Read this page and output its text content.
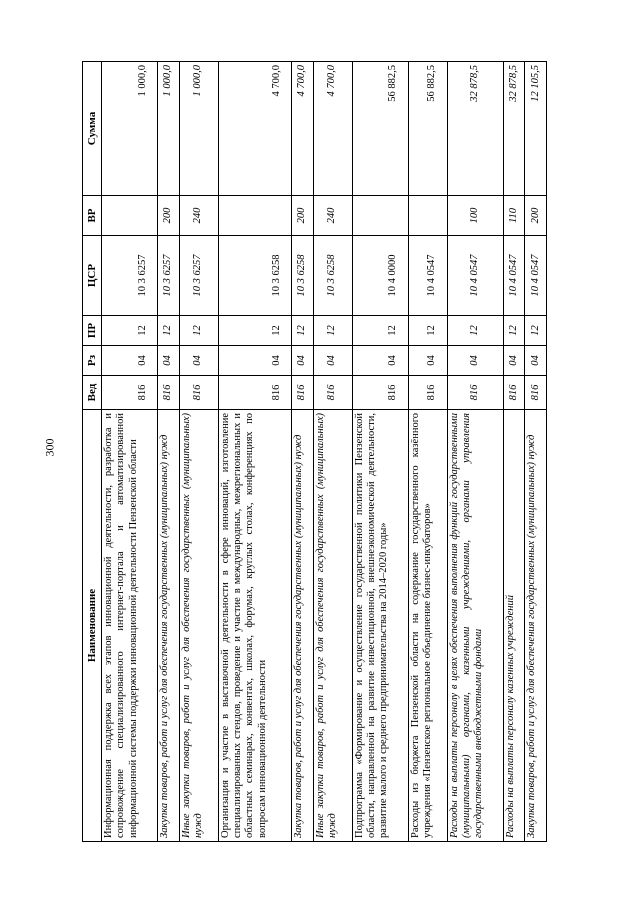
300
Наименование	Вед	Рз	ПР	ЦСР	ВР	Сумма
Информационная поддержка всех этапов инновационной деятельности, разработка и сопровождение специализированного интернет-портала и автоматизированной информационной системы поддержки инновационной деятельности Пензенской области	816	04	12	10 3 6257		1 000,0
Закупка товаров, работ и услуг для обеспечения государственных (муниципальных) нужд	816	04	12	10 3 6257	200	1 000,0
Иные закупки товаров, работ и услуг для обеспечения государственных (муниципальных) нужд	816	04	12	10 3 6257	240	1 000,0
Организация и участие в выставочной деятельности в сфере инноваций, изготовление специализированных стендов, проведение и участие в международных, межрегиональных и областных семинарах, конвентах, школах, форумах, круглых столах, конференциях по вопросам инновационной деятельности	816	04	12	10 3 6258		4 700,0
Закупка товаров, работ и услуг для обеспечения государственных (муниципальных) нужд	816	04	12	10 3 6258	200	4 700,0
Иные закупки товаров, работ и услуг для обеспечения государственных (муниципальных) нужд	816	04	12	10 3 6258	240	4 700,0
Подпрограмма «Формирование и осуществление государственной политики Пензенской области, направленной на развитие инвестиционной, внешнеэкономической деятельности, развитие малого и среднего предпринимательства на 2014–2020 годы»	816	04	12	10 4 0000		56 882,5
Расходы из бюджета Пензенской области на содержание государственного казённого учреждения «Пензенское региональное объединение бизнес-инкубаторов»	816	04	12	10 4 0547		56 882,5
Расходы на выплаты персоналу в целях обеспечения выполнения функций государственными (муниципальными) органами, казенными учреждениями, органами управления государственными внебюджетными фондами	816	04	12	10 4 0547	100	32 878,5
Расходы на выплаты персоналу казенных учреждений	816	04	12	10 4 0547	110	32 878,5
Закупка товаров, работ и услуг для обеспечения государственных (муниципальных) нужд	816	04	12	10 4 0547	200	12 105,5
